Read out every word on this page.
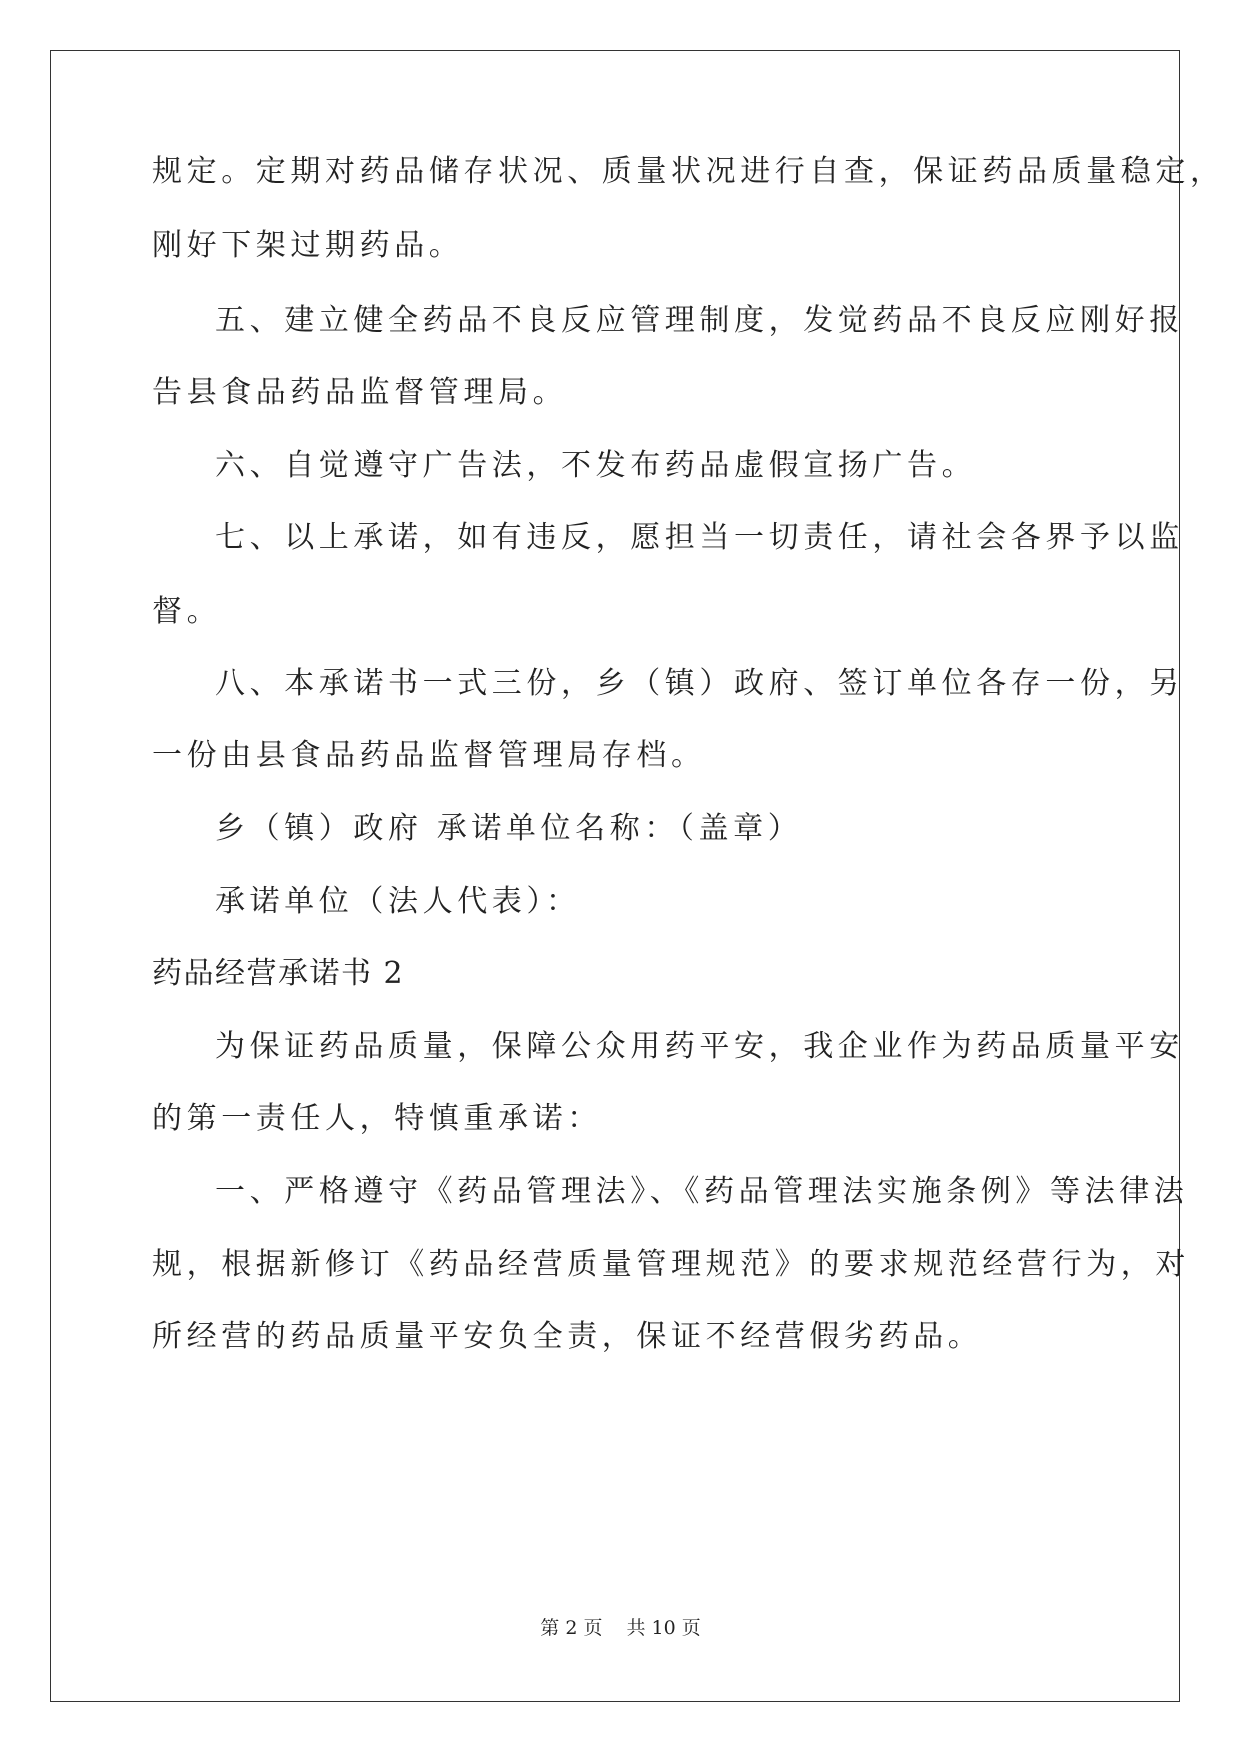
规定。定期对药品储存状况、质量状况进行自查，保证药品质量稳定，

刚好下架过期药品。

五、建立健全药品不良反应管理制度，发觉药品不良反应刚好报

告县食品药品监督管理局。

六、自觉遵守广告法，不发布药品虚假宣扬广告。

七、以上承诺，如有违反，愿担当一切责任，请社会各界予以监

督。

八、本承诺书一式三份，乡（镇）政府、签订单位各存一份，另

一份由县食品药品监督管理局存档。

乡（镇）政府 承诺单位名称：（盖章）

承诺单位（法人代表）：

药品经营承诺书 2

为保证药品质量，保障公众用药平安，我企业作为药品质量平安

的第一责任人，特慎重承诺：

一、严格遵守《药品管理法》、《药品管理法实施条例》等法律法

规，根据新修订《药品经营质量管理规范》的要求规范经营行为，对

所经营的药品质量平安负全责，保证不经营假劣药品。

第 2 页 共 10 页
